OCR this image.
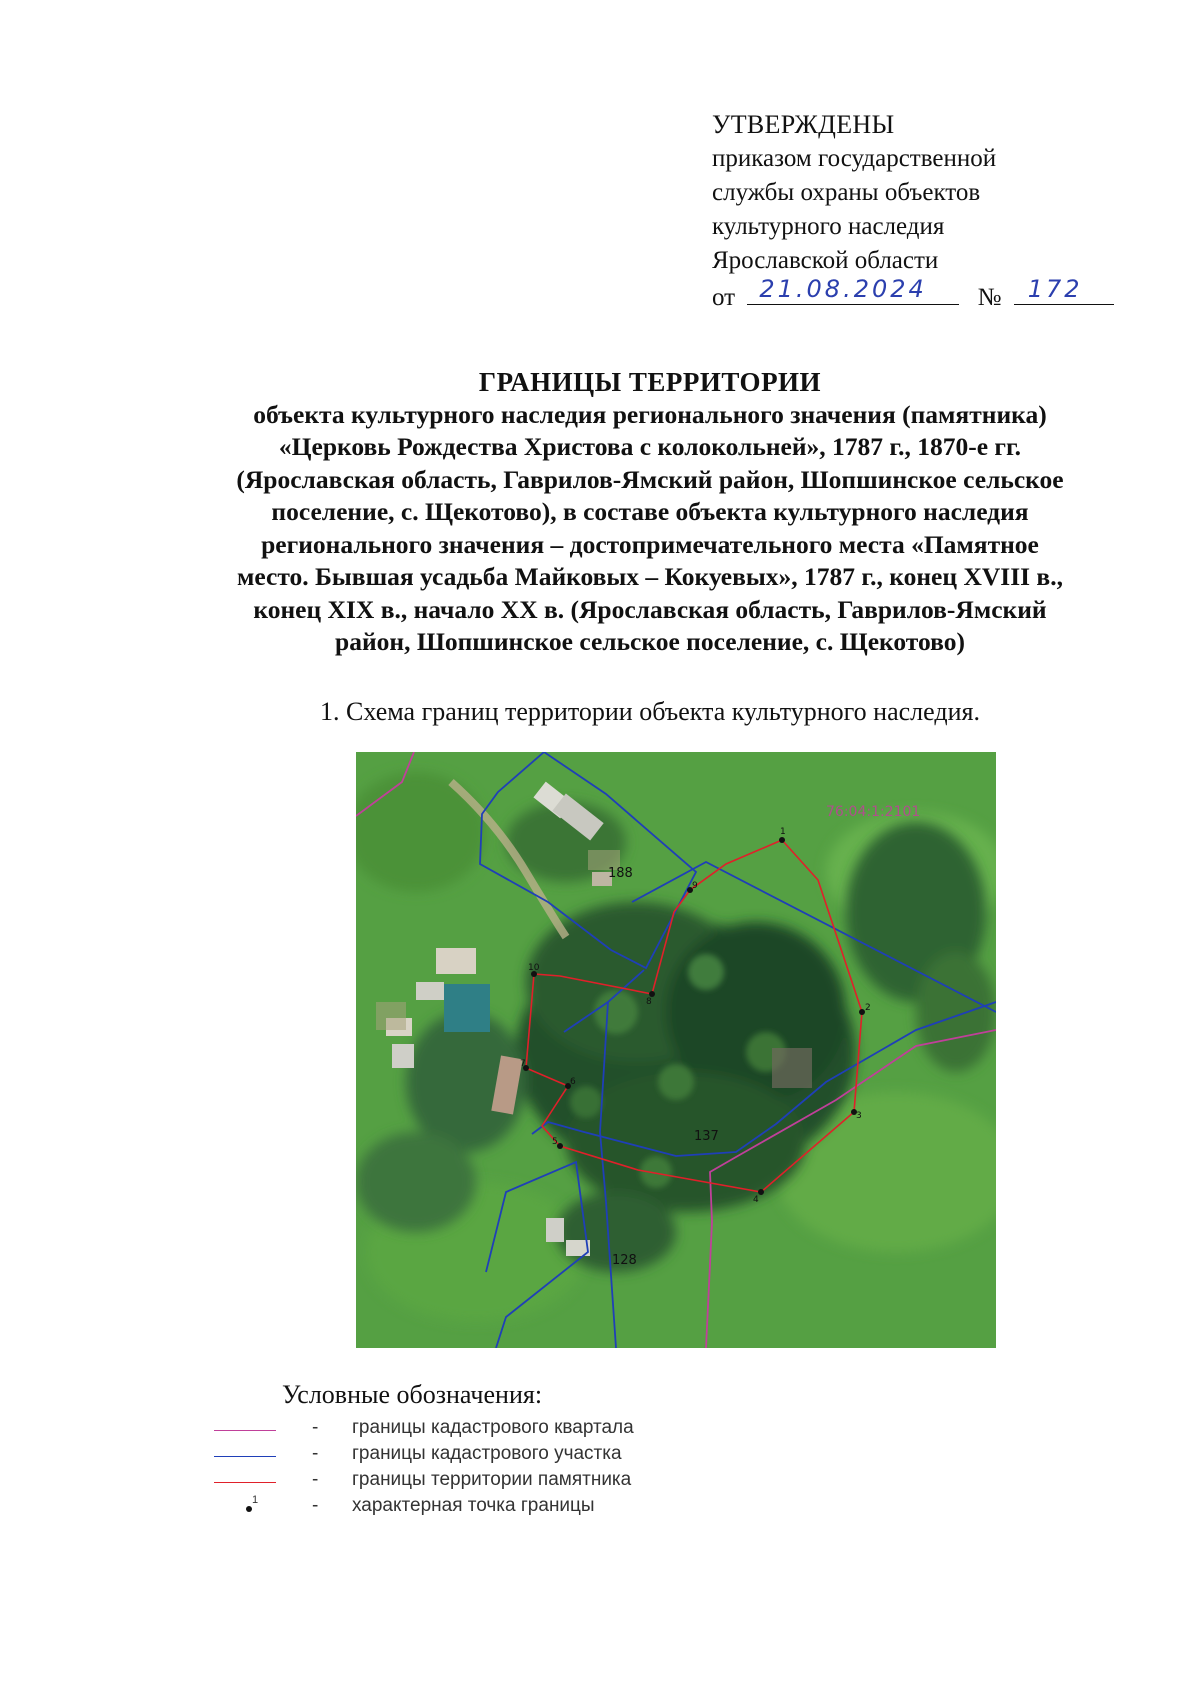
УТВЕРЖДЕНЫ
приказом государственной
службы охраны объектов
культурного наследия
Ярославской области
от 21.08.2024 № 172
ГРАНИЦЫ ТЕРРИТОРИИ
объекта культурного наследия регионального значения (памятника)
«Церковь Рождества Христова с колокольней», 1787 г., 1870-е гг.
(Ярославская область, Гаврилов-Ямский район, Шопшинское сельское
поселение, с. Щекотово), в составе объекта культурного наследия
регионального значения – достопримечательного места «Памятное
место. Бывшая усадьба Майковых – Кокуевых», 1787 г., конец XVIII в.,
конец XIX в., начало XX в. (Ярославская область, Гаврилов-Ямский
район, Шопшинское сельское поселение, с. Щекотово)
1. Схема границ территории объекта культурного наследия.
1
2
3
4
5
6
7
8
9
10
76:04:1:2101
188
137
128
Условные обозначения:
- границы кадастрового квартала
- границы кадастрового участка
- границы территории памятника
1	- характерная точка границы
